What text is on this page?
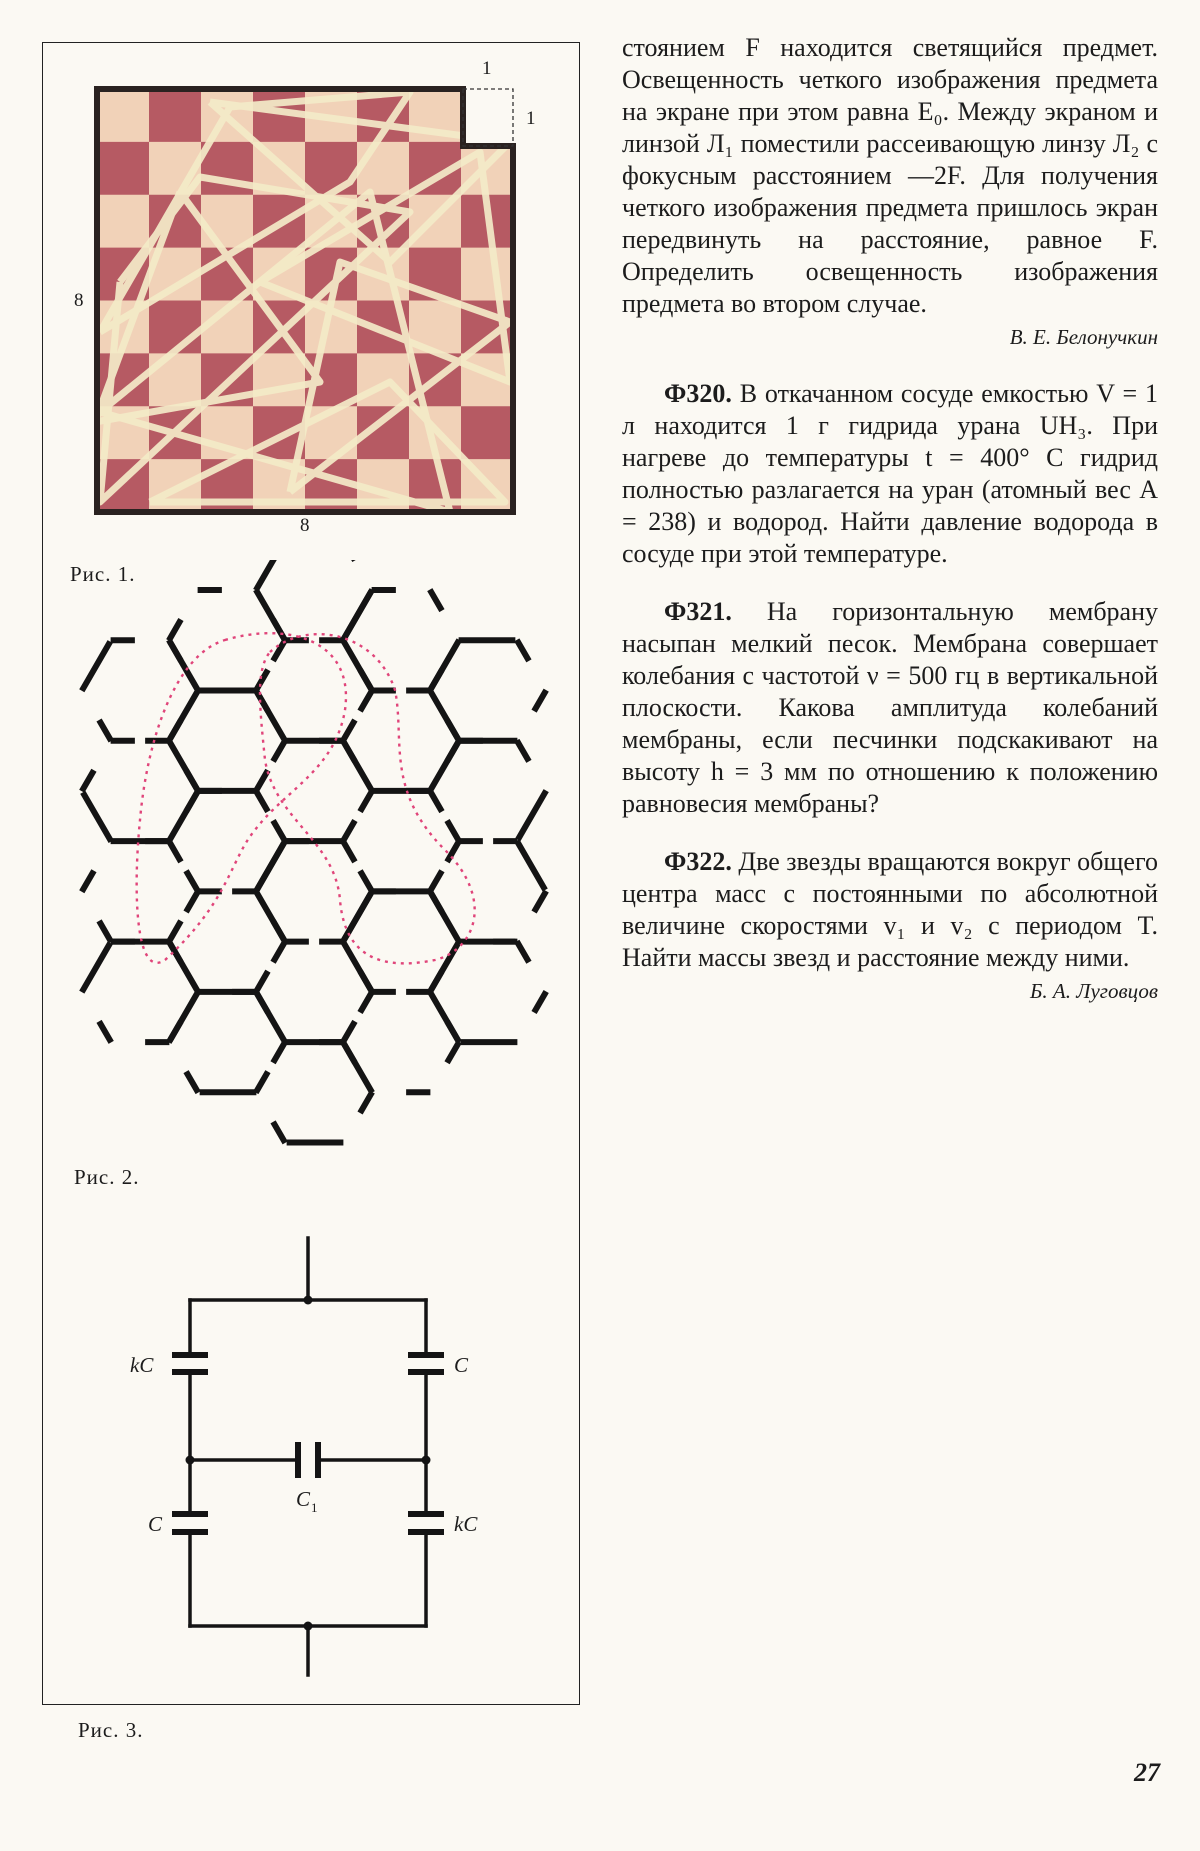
1
1
8
8
Рис. 1.
Рис. 2.
kC	C
C 1
C	kC
Рис. 3.

стоянием F находится светящийся предмет. Освещенность четкого изображения предмета на экране при этом равна E₀. Между экраном и линзой Л₁ поместили рассеивающую линзу Л₂ с фокусным расстоянием —2F. Для получения четкого изображения предмета пришлось экран передвинуть на расстояние, равное F. Определить освещенность изображения предмета во втором случае.

В. Е. Белонучкин

Ф320. В откачанном сосуде емкостью V = 1 л находится 1 г гидрида урана UH₃. При нагреве до температуры t = 400° C гидрид полностью разлагается на уран (атомный вес A = 238) и водород. Найти давление водорода в сосуде при этой температуре.

Ф321. На горизонтальную мембрану насыпан мелкий песок. Мембрана совершает колебания с частотой ν = 500 гц в вертикальной плоскости. Какова амплитуда колебаний мембраны, если песчинки подскакивают на высоту h = 3 мм по отношению к положению равновесия мембраны?

Ф322. Две звезды вращаются вокруг общего центра масс с постоянными по абсолютной величине скоростями v₁ и v₂ с периодом T. Найти массы звезд и расстояние между ними.

Б. А. Луговцов

27
